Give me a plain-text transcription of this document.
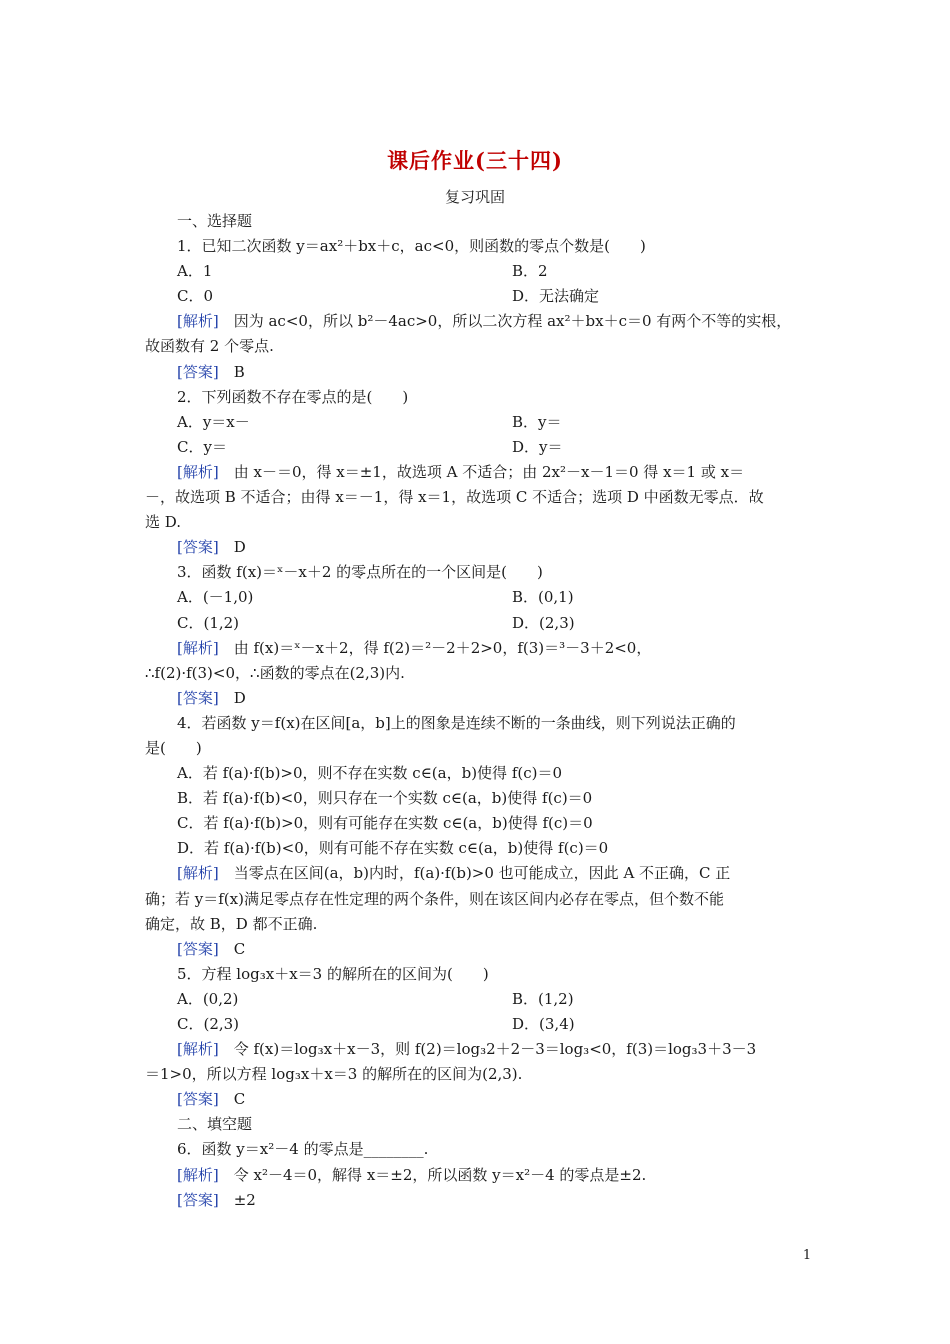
课后作业(三十四)
复习巩固
一、选择题
1．已知二次函数 y＝ax²＋bx＋c，ac<0，则函数的零点个数是(　　)
A．1	B．2
C．0	D．无法确定
[解析]　因为 ac<0，所以 b²－4ac>0，所以二次方程 ax²＋bx＋c＝0 有两个不等的实根，
故函数有 2 个零点.
[答案]　B
2．下列函数不存在零点的是(　　)
A．y＝x－	B．y＝
C．y＝	D．y＝
[解析]　由 x－＝0，得 x＝±1，故选项 A 不适合；由 2x²－x－1＝0 得 x＝1 或 x＝
－，故选项 B 不适合；由得 x＝－1，得 x＝1，故选项 C 不适合；选项 D 中函数无零点．故
选 D.
[答案]　D
3．函数 f(x)＝ˣ－x＋2 的零点所在的一个区间是(　　)
A．(－1,0)	B．(0,1)
C．(1,2)	D．(2,3)
[解析]　由 f(x)＝ˣ－x＋2，得 f(2)＝²－2＋2>0，f(3)＝³－3＋2<0，
∴f(2)·f(3)<0，∴函数的零点在(2,3)内.
[答案]　D
4．若函数 y＝f(x)在区间[a，b]上的图象是连续不断的一条曲线，则下列说法正确的
是(　　)
A．若 f(a)·f(b)>0，则不存在实数 c∈(a，b)使得 f(c)＝0
B．若 f(a)·f(b)<0，则只存在一个实数 c∈(a，b)使得 f(c)＝0
C．若 f(a)·f(b)>0，则有可能存在实数 c∈(a，b)使得 f(c)＝0
D．若 f(a)·f(b)<0，则有可能不存在实数 c∈(a，b)使得 f(c)＝0
[解析]　当零点在区间(a，b)内时，f(a)·f(b)>0 也可能成立，因此 A 不正确，C 正
确；若 y＝f(x)满足零点存在性定理的两个条件，则在该区间内必存在零点，但个数不能
确定，故 B，D 都不正确.
[答案]　C
5．方程 log₃x＋x＝3 的解所在的区间为(　　)
A．(0,2)	B．(1,2)
C．(2,3)	D．(3,4)
[解析]　令 f(x)＝log₃x＋x－3，则 f(2)＝log₃2＋2－3＝log₃<0，f(3)＝log₃3＋3－3
＝1>0，所以方程 log₃x＋x＝3 的解所在的区间为(2,3).
[答案]　C
二、填空题
6．函数 y＝x²－4 的零点是________.
[解析]　令 x²－4＝0，解得 x＝±2，所以函数 y＝x²－4 的零点是±2.
[答案]　±2
1
